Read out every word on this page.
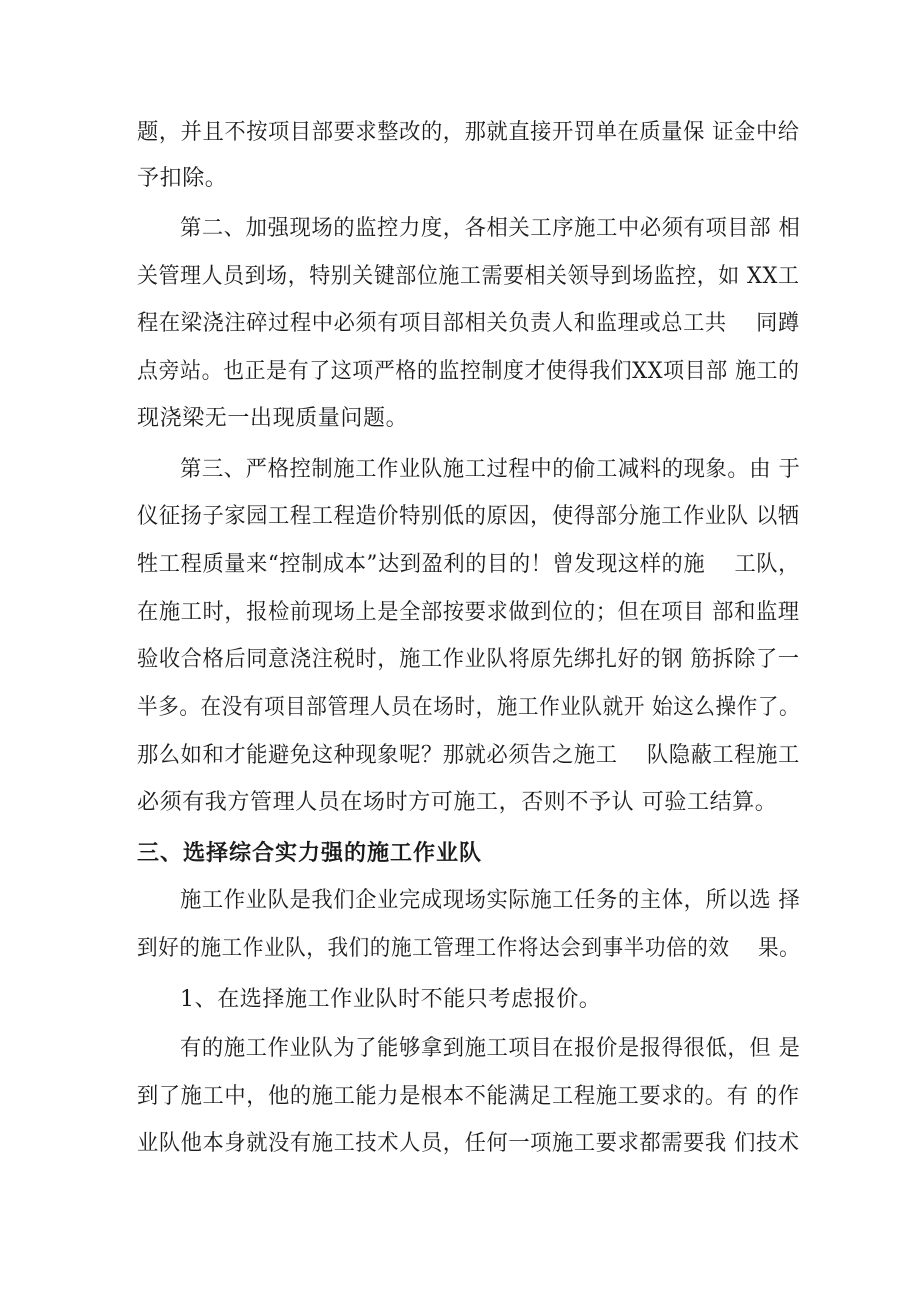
题，并且不按项目部要求整改的，那就直接开罚单在质量保 证金中给
予扣除。
第二、加强现场的监控力度，各相关工序施工中必须有项目部 相
关管理人员到场，特别关键部位施工需要相关领导到场监控，如 XX工
程在梁浇注碎过程中必须有项目部相关负责人和监理或总工共    同蹲
点旁站。也正是有了这项严格的监控制度才使得我们XX项目部 施工的
现浇梁无一出现质量问题。
第三、严格控制施工作业队施工过程中的偷工减料的现象。由 于
仪征扬子家园工程工程造价特别低的原因，使得部分施工作业队 以牺
牲工程质量来“控制成本”达到盈利的目的！曾发现这样的施    工队，
在施工时，报检前现场上是全部按要求做到位的；但在项目 部和监理
验收合格后同意浇注税时，施工作业队将原先绑扎好的钢 筋拆除了一
半多。在没有项目部管理人员在场时，施工作业队就开 始这么操作了。
那么如和才能避免这种现象呢？那就必须告之施工    队隐蔽工程施工
必须有我方管理人员在场时方可施工，否则不予认 可验工结算。
三、选择综合实力强的施工作业队
施工作业队是我们企业完成现场实际施工任务的主体，所以选 择
到好的施工作业队，我们的施工管理工作将达会到事半功倍的效    果。
1、在选择施工作业队时不能只考虑报价。
有的施工作业队为了能够拿到施工项目在报价是报得很低，但 是
到了施工中，他的施工能力是根本不能满足工程施工要求的。有 的作
业队他本身就没有施工技术人员，任何一项施工要求都需要我 们技术
